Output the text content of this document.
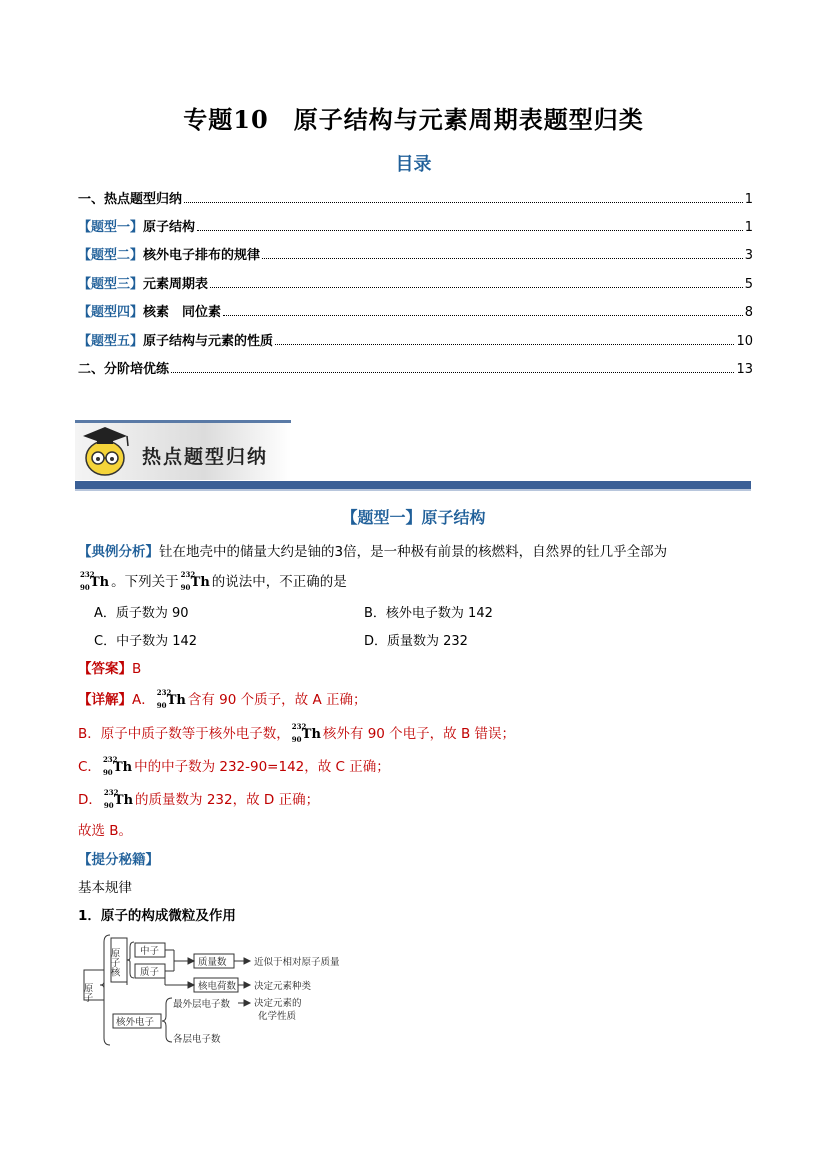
专题10　原子结构与元素周期表题型归类
目录
一、热点题型归纳	1
【题型一】原子结构	1
【题型二】核外电子排布的规律	3
【题型三】元素周期表	5
【题型四】核素　同位素	8
【题型五】原子结构与元素的性质	10
二、分阶培优练	13
热点题型归纳
【题型一】原子结构
【典例分析】钍在地壳中的储量大约是铀的3倍，是一种极有前景的核燃料，自然界的钍几乎全部为
232
90 Th 。下列关于 232
90 Th 的说法中，不正确的是
A．质子数为 90	B．核外电子数为 142
C．中子数为 142	D．质量数为 232
【答案】B
【详解】A． 232
90 Th 含有 90 个质子，故 A 正确；
B．原子中质子数等于核外电子数， 232
90 Th 核外有 90 个电子，故 B 错误；
C． 232
90 Th 中的中子数为 232-90=142，故 C 正确；
D． 232
90 Th 的质量数为 232，故 D 正确；
故选 B。
【提分秘籍】
基本规律
1．原子的构成微粒及作用
原子
原子核 中子
质子
质量数	近似于相对原子质量
核电荷数 决定元素种类
核外电子
最外层电子数	决定元素的
化学性质
各层电子数
